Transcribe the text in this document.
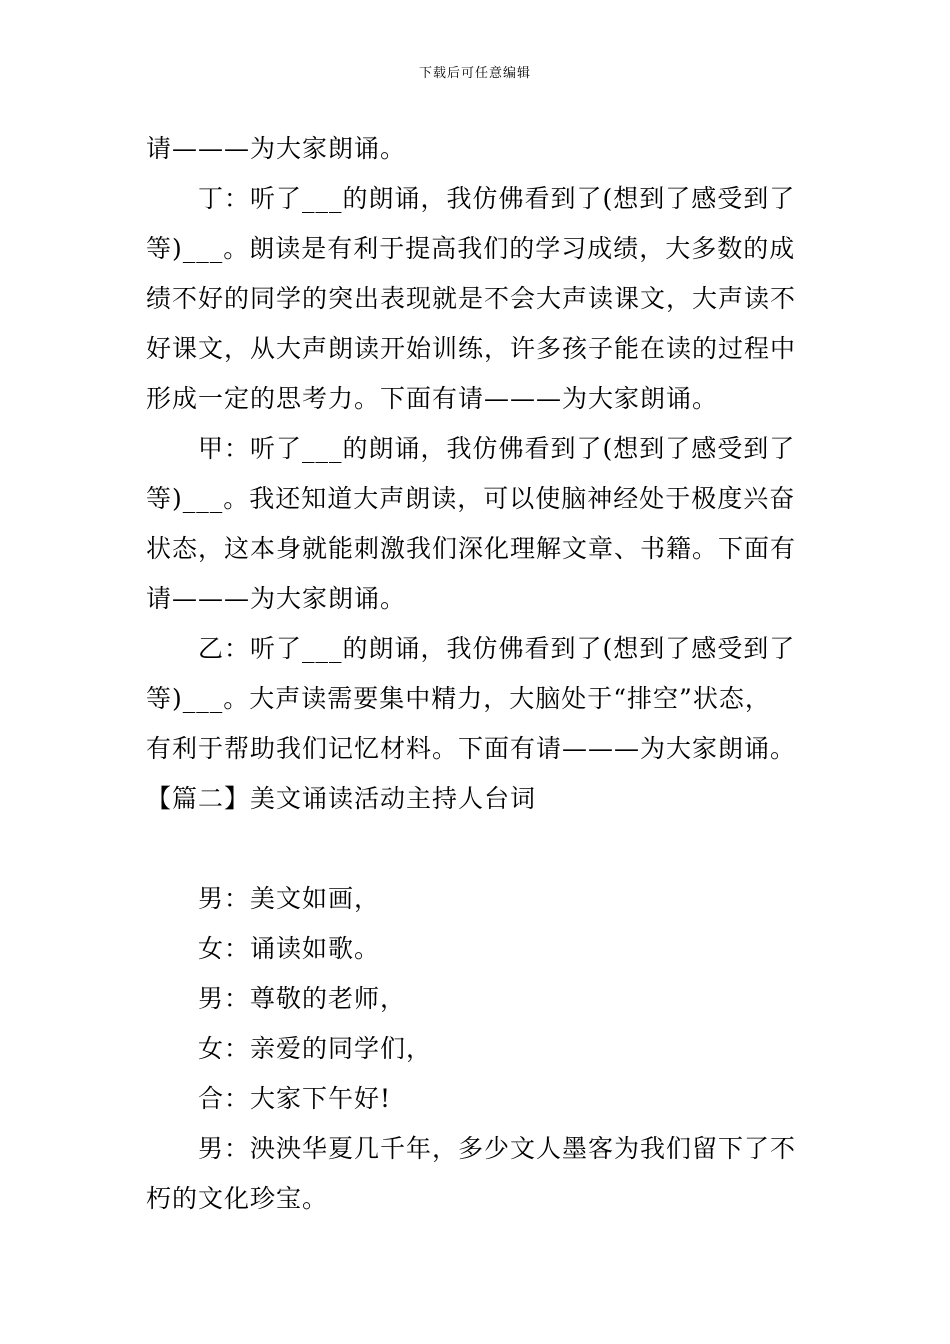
下载后可任意编辑
请———为大家朗诵。
丁：听了___的朗诵，我仿佛看到了(想到了感受到了
等)___。朗读是有利于提高我们的学习成绩，大多数的成
绩不好的同学的突出表现就是不会大声读课文，大声读不
好课文，从大声朗读开始训练，许多孩子能在读的过程中
形成一定的思考力。下面有请———为大家朗诵。
甲：听了___的朗诵，我仿佛看到了(想到了感受到了
等)___。我还知道大声朗读，可以使脑神经处于极度兴奋
状态，这本身就能刺激我们深化理解文章、书籍。下面有
请———为大家朗诵。
乙：听了___的朗诵，我仿佛看到了(想到了感受到了
等)___。大声读需要集中精力，大脑处于“排空”状态，
有利于帮助我们记忆材料。下面有请———为大家朗诵。
【篇二】美文诵读活动主持人台词
男：美文如画，
女：诵读如歌。
男：尊敬的老师，
女：亲爱的同学们，
合：大家下午好!
男：泱泱华夏几千年，多少文人墨客为我们留下了不
朽的文化珍宝。
